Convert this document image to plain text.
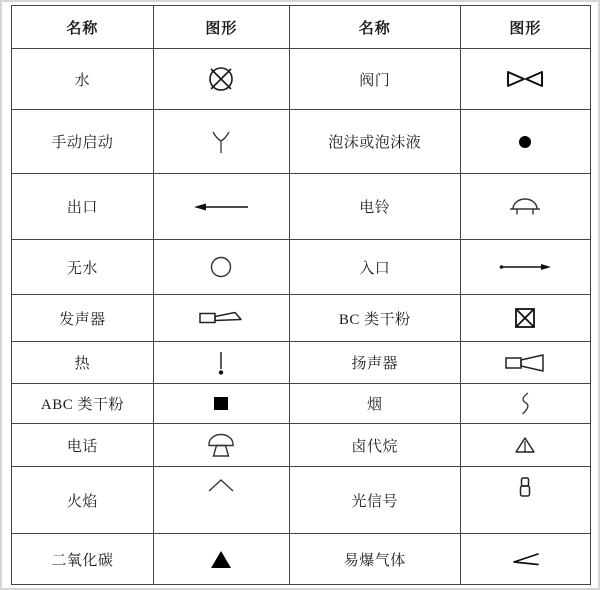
名称	图形	名称	图形
水		阀门	
手动启动		泡沫或泡沫液	
出口		电铃	
无水		入口	
发声器		BC 类干粉	
热		扬声器	
ABC 类干粉		烟	
电话		卤代烷	
火焰		光信号	
二氧化碳		易爆气体	
